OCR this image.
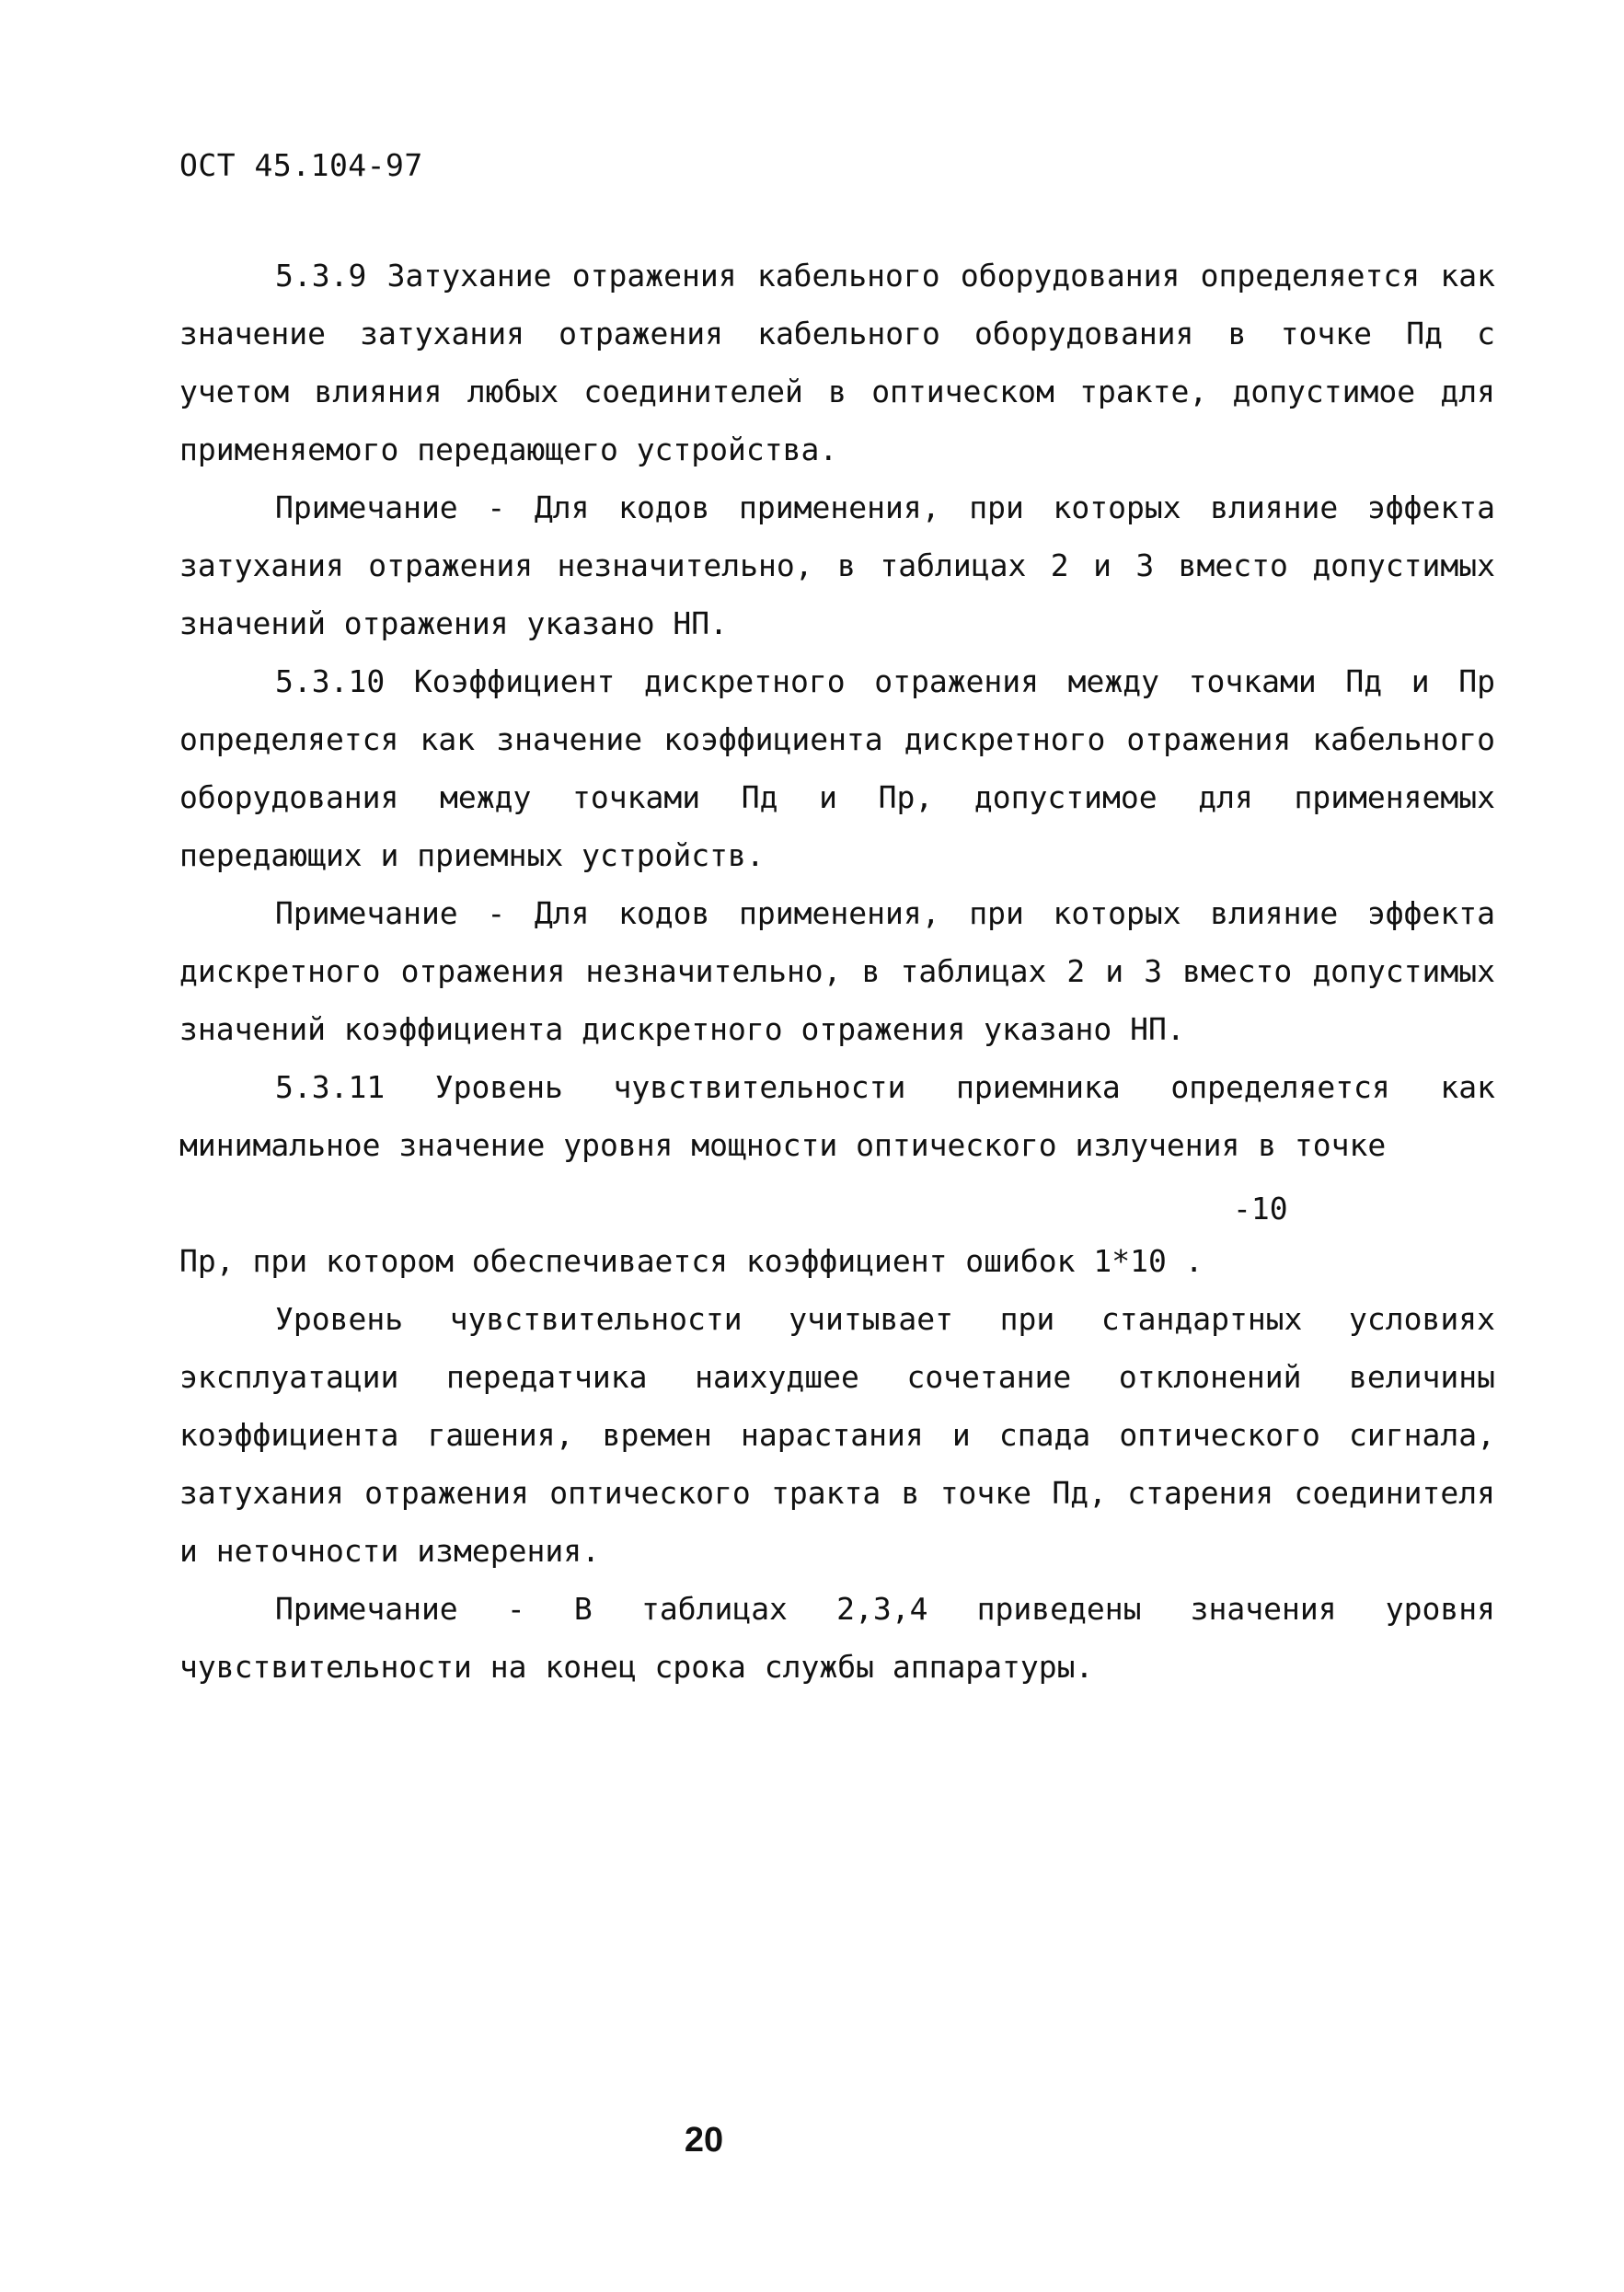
ОСТ 45.104-97

5.3.9 Затухание отражения кабельного оборудования определяется как значение затухания отражения кабельного оборудования в точке Пд с учетом влияния любых соединителей в оптическом тракте, допустимое для применяемого передающего устройства.

Примечание - Для кодов применения, при которых влияние эффекта затухания отражения незначительно, в таблицах 2 и 3 вместо допустимых значений отражения указано НП.

5.3.10 Коэффициент дискретного отражения между точками Пд и Пр определяется как значение коэффициента дискретного отражения кабельного оборудования между точками Пд и Пр, допустимое для применяемых передающих и приемных устройств.

Примечание - Для кодов применения, при которых влияние эффекта дискретного отражения незначительно, в таблицах 2 и 3 вместо допустимых значений коэффициента дискретного отражения указано НП.

5.3.11 Уровень чувствительности приемника определяется как минимальное значение уровня мощности оптического излучения в точке

-10

Пр, при котором обеспечивается коэффициент ошибок 1*10 .

Уровень чувствительности учитывает при стандартных условиях эксплуатации передатчика наихудшее сочетание отклонений величины коэффициента гашения, времен нарастания и спада оптического сигнала, затухания отражения оптического тракта в точке Пд, старения соединителя и неточности измерения.

Примечание - В таблицах 2,3,4 приведены значения уровня чувствительности на конец срока службы аппаратуры.

20
